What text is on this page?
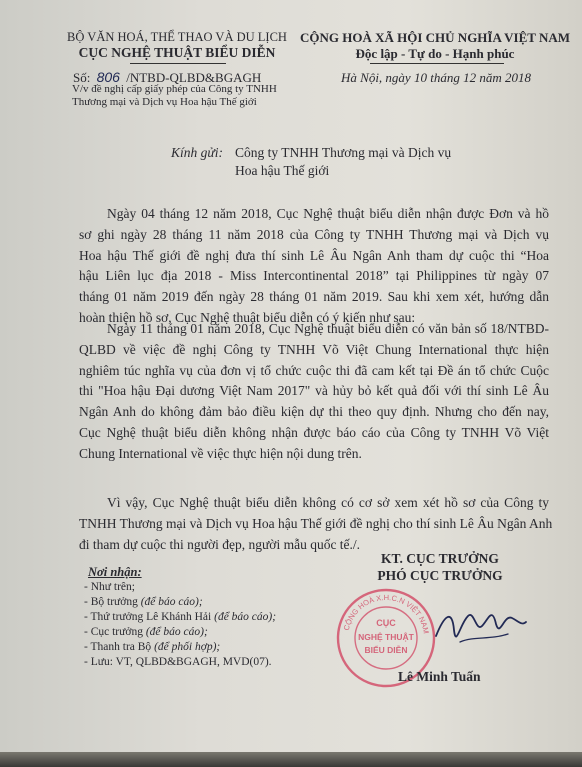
BỘ VĂN HOÁ, THỂ THAO VÀ DU LỊCH
CỤC NGHỆ THUẬT BIỂU DIỄN
CỘNG HOÀ XÃ HỘI CHỦ NGHĨA VIỆT NAM
Độc lập - Tự do - Hạnh phúc
Số: 806 /NTBD-QLBD&BGAGH
V/v đề nghị cấp giấy phép của Công ty TNHH
Thương mại và Dịch vụ Hoa hậu Thế giới
Hà Nội, ngày 10 tháng 12 năm 2018
Kính gửi: Công ty TNHH Thương mại và Dịch vụ
Hoa hậu Thế giới
Ngày 04 tháng 12 năm 2018, Cục Nghệ thuật biểu diễn nhận được Đơn và hồ
sơ ghi ngày 28 tháng 11 năm 2018 của Công ty TNHH Thương mại và Dịch vụ
Hoa hậu Thế giới đề nghị đưa thí sinh Lê Âu Ngân Anh tham dự cuộc thi “Hoa
hậu Liên lục địa 2018 - Miss Intercontinental 2018” tại Philippines từ ngày 07
tháng 01 năm 2019 đến ngày 28 tháng 01 năm 2019. Sau khi xem xét, hướng dẫn
hoàn thiện hồ sơ, Cục Nghệ thuật biểu diễn có ý kiến như sau:
Ngày 11 tháng 01 năm 2018, Cục Nghệ thuật biểu diễn có văn bản số 18/NTBD-
QLBD về việc đề nghị Công ty TNHH Võ Việt Chung International thực hiện
nghiêm túc nghĩa vụ của đơn vị tổ chức cuộc thi đã cam kết tại Đề án tổ chức Cuộc
thi "Hoa hậu Đại dương Việt Nam 2017" và hủy bỏ kết quả đối với thí sinh Lê Âu
Ngân Anh do không đảm bảo điều kiện dự thi theo quy định. Nhưng cho đến nay,
Cục Nghệ thuật biểu diễn không nhận được báo cáo của Công ty TNHH Võ Việt
Chung International về việc thực hiện nội dung trên.
Vì vậy, Cục Nghệ thuật biểu diễn không có cơ sở xem xét hồ sơ của Công ty
TNHH Thương mại và Dịch vụ Hoa hậu Thế giới đề nghị cho thí sinh Lê Âu Ngân Anh
đi tham dự cuộc thi người đẹp, người mẫu quốc tế./.
Nơi nhận:
- Như trên;
- Bộ trưởng (để báo cáo);
- Thứ trưởng Lê Khánh Hải (để báo cáo);
- Cục trưởng (để báo cáo);
- Thanh tra Bộ (để phối hợp);
- Lưu: VT, QLBD&BGAGH, MVD(07).
KT. CỤC TRƯỞNG
PHÓ CỤC TRƯỞNG
CỘNG HOÀ X.H.C.N VIỆT NAM
CỤC
NGHỆ THUẬT
BIỂU DIỄN
Lê Minh Tuấn
